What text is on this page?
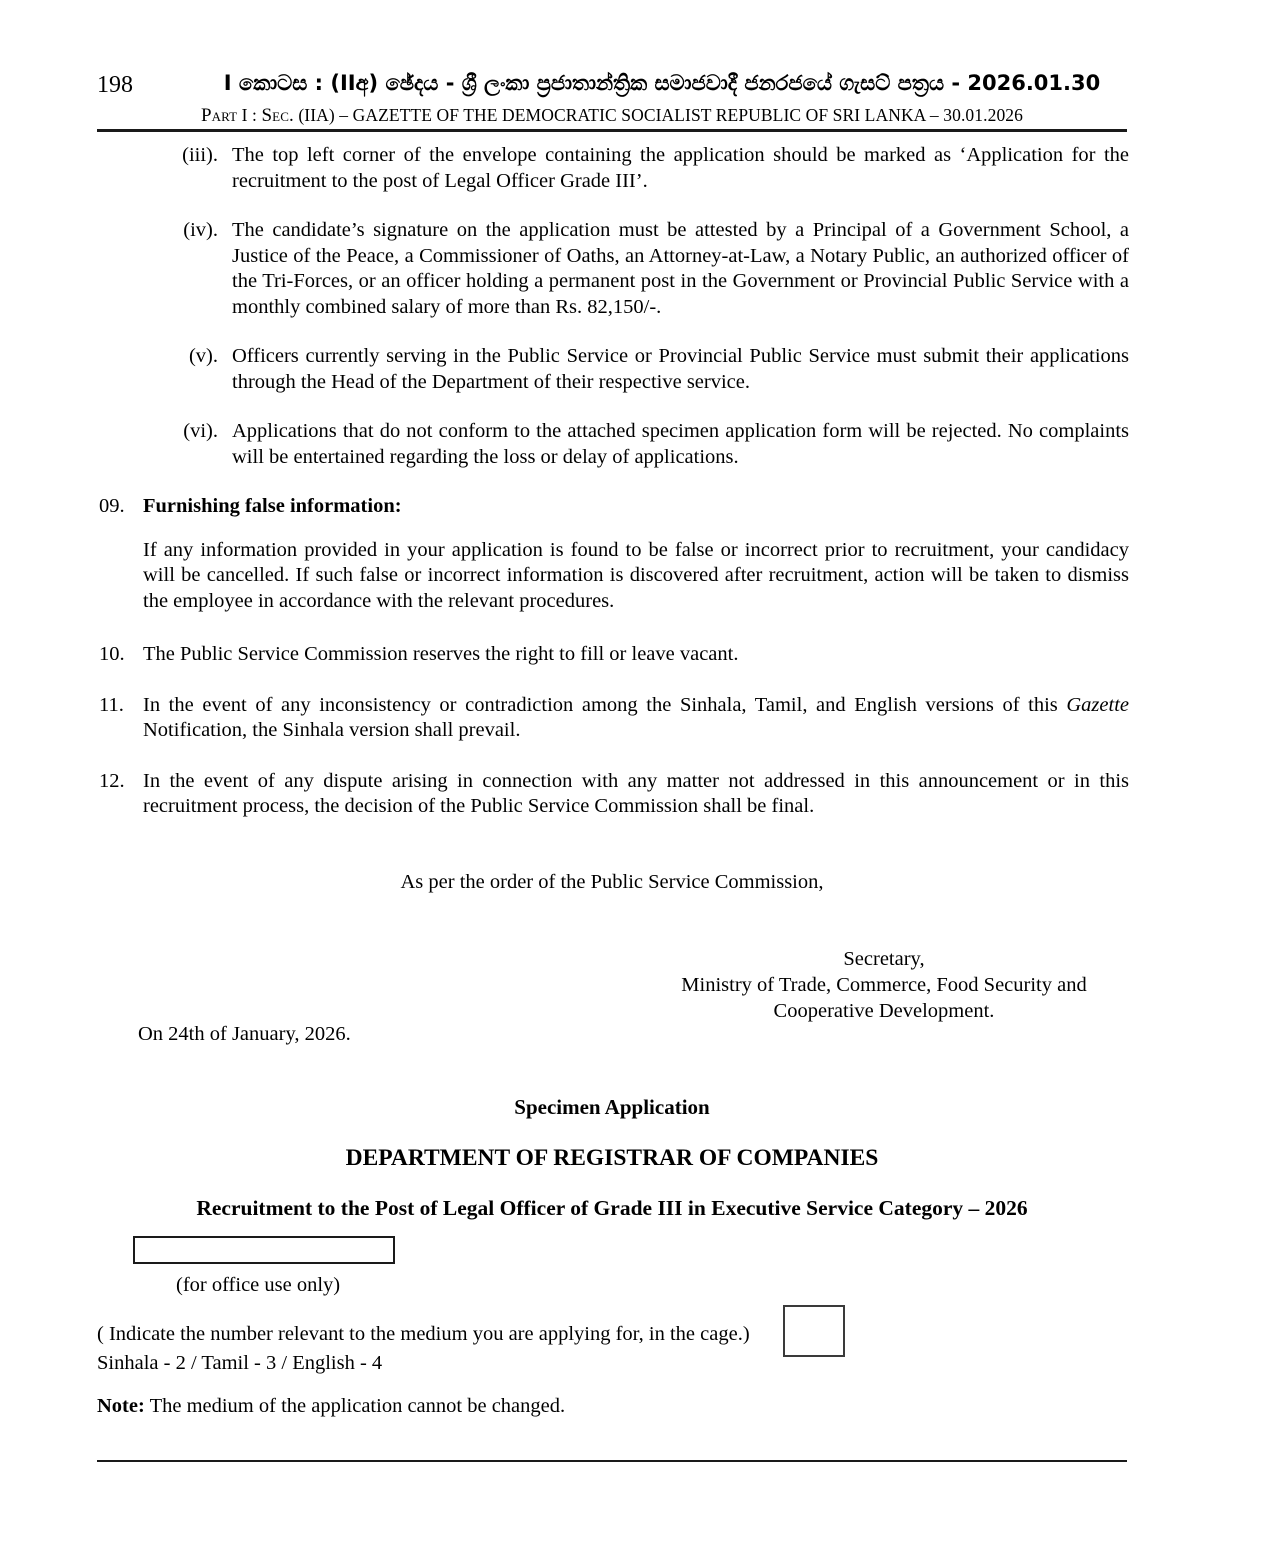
198	I කොටස : (IIඅ) ඡේදය - ශ්‍රී ලංකා ප්‍රජාතාන්ත්‍රික සමාජවාදී ජනරජයේ ගැසට් පත්‍රය - 2026.01.30
Part I : Sec. (IIA) – GAZETTE OF THE DEMOCRATIC SOCIALIST REPUBLIC OF SRI LANKA – 30.01.2026
(iii). The top left corner of the envelope containing the application should be marked as ‘Application for the recruitment to the post of Legal Officer Grade III’.
(iv). The candidate’s signature on the application must be attested by a Principal of a Government School, a Justice of the Peace, a Commissioner of Oaths, an Attorney-at-Law, a Notary Public, an authorized officer of the Tri-Forces, or an officer holding a permanent post in the Government or Provincial Public Service with a monthly combined salary of more than Rs. 82,150/-.
(v). Officers currently serving in the Public Service or Provincial Public Service must submit their applications through the Head of the Department of their respective service.
(vi). Applications that do not conform to the attached specimen application form will be rejected. No complaints will be entertained regarding the loss or delay of applications.
09. Furnishing false information:
If any information provided in your application is found to be false or incorrect prior to recruitment, your candidacy will be cancelled. If such false or incorrect information is discovered after recruitment, action will be taken to dismiss the employee in accordance with the relevant procedures.
10. The Public Service Commission reserves the right to fill or leave vacant.
11. In the event of any inconsistency or contradiction among the Sinhala, Tamil, and English versions of this Gazette Notification, the Sinhala version shall prevail.
12. In the event of any dispute arising in connection with any matter not addressed in this announcement or in this recruitment process, the decision of the Public Service Commission shall be final.
As per the order of the Public Service Commission,
Secretary,
Ministry of Trade, Commerce, Food Security and
Cooperative Development.
On 24th of January, 2026.
Specimen Application
DEPARTMENT OF REGISTRAR OF COMPANIES
Recruitment to the Post of Legal Officer of Grade III in Executive Service Category – 2026
(for office use only)
( Indicate the number relevant to the medium you are applying for, in the cage.)
Sinhala - 2 / Tamil - 3 / English - 4
Note: The medium of the application cannot be changed.
